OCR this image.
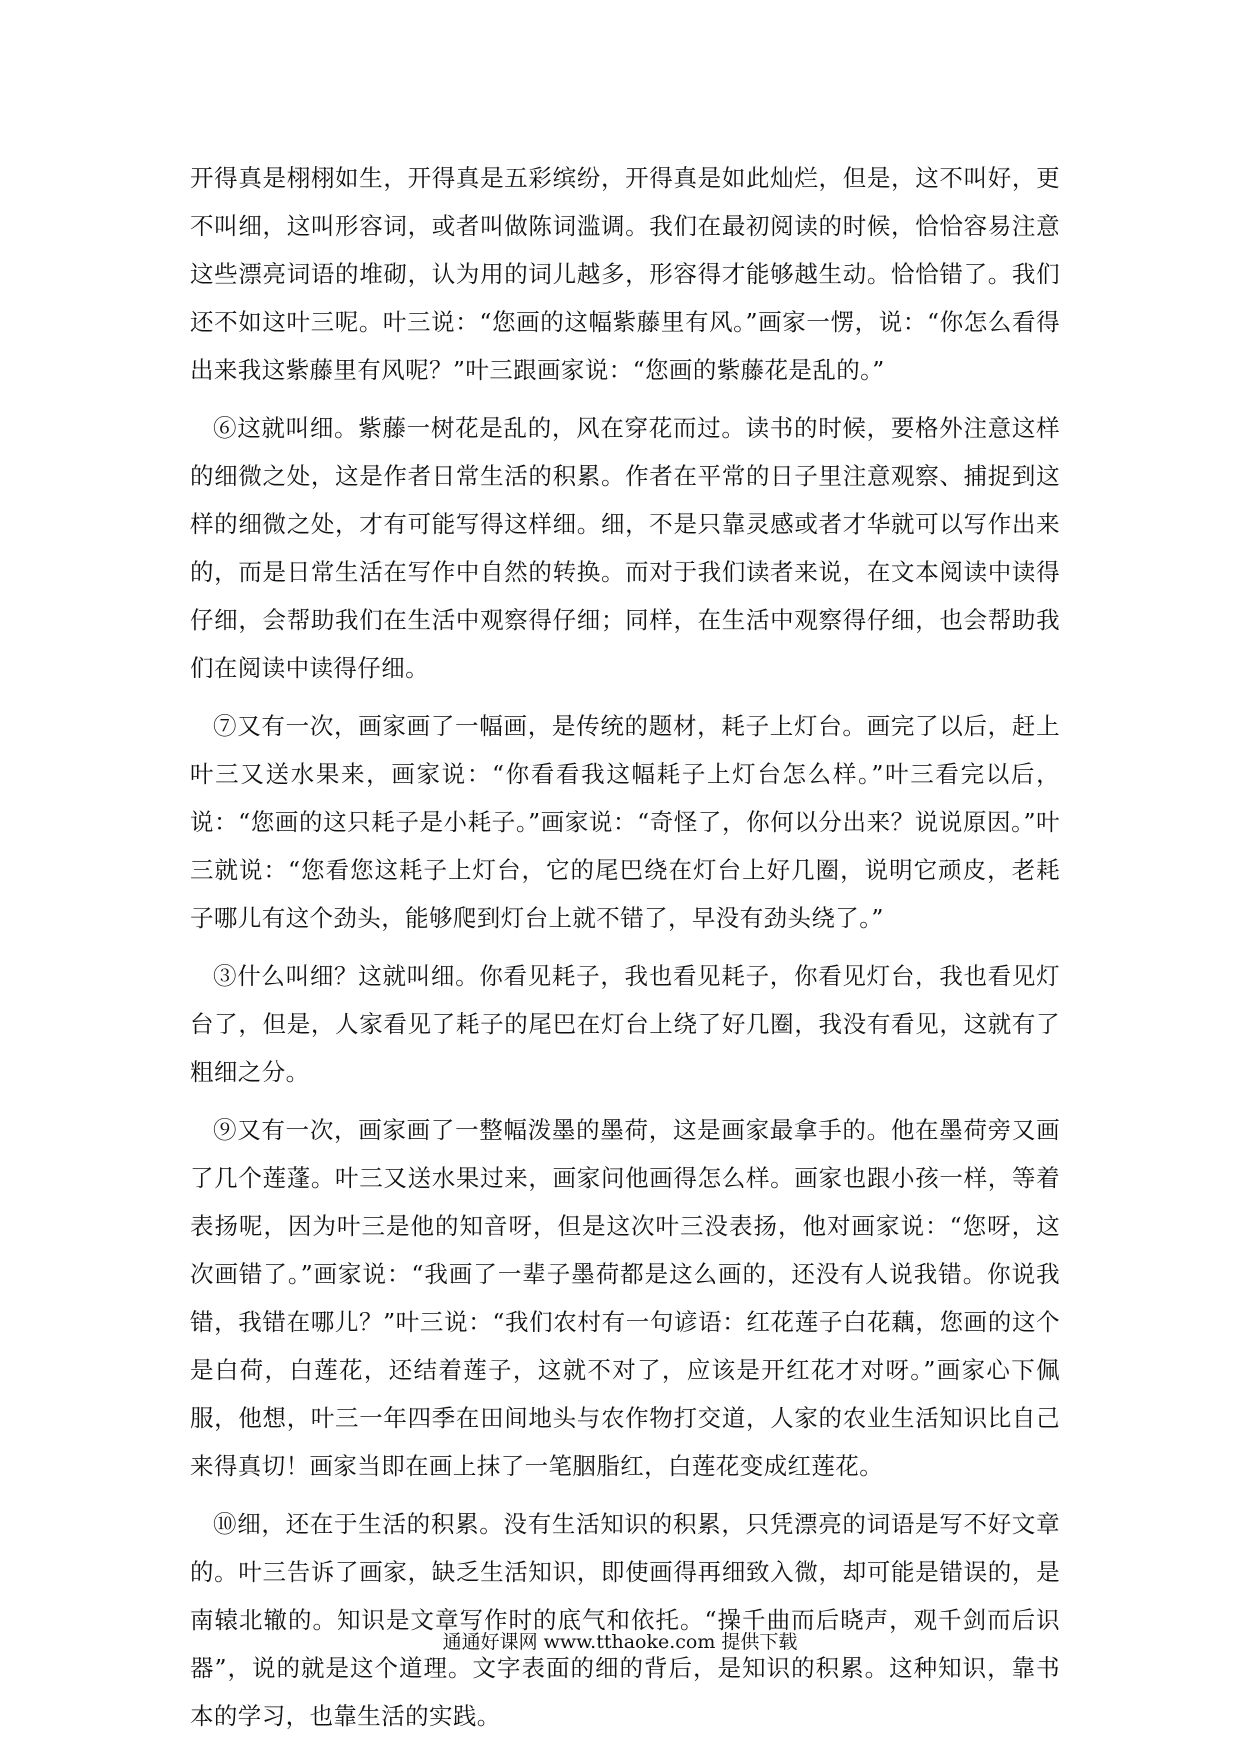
开得真是栩栩如生，开得真是五彩缤纷，开得真是如此灿烂，但是，这不叫好，更不叫细，这叫形容词，或者叫做陈词滥调。我们在最初阅读的时候，恰恰容易注意这些漂亮词语的堆砌，认为用的词儿越多，形容得才能够越生动。恰恰错了。我们还不如这叶三呢。叶三说：“您画的这幅紫藤里有风。”画家一愣，说：“你怎么看得出来我这紫藤里有风呢？”叶三跟画家说：“您画的紫藤花是乱的。”

⑥这就叫细。紫藤一树花是乱的，风在穿花而过。读书的时候，要格外注意这样的细微之处，这是作者日常生活的积累。作者在平常的日子里注意观察、捕捉到这样的细微之处，才有可能写得这样细。细，不是只靠灵感或者才华就可以写作出来的，而是日常生活在写作中自然的转换。而对于我们读者来说，在文本阅读中读得仔细，会帮助我们在生活中观察得仔细；同样，在生活中观察得仔细，也会帮助我们在阅读中读得仔细。

⑦又有一次，画家画了一幅画，是传统的题材，耗子上灯台。画完了以后，赶上叶三又送水果来，画家说：“你看看我这幅耗子上灯台怎么样。”叶三看完以后，说：“您画的这只耗子是小耗子。”画家说：“奇怪了，你何以分出来？说说原因。”叶三就说：“您看您这耗子上灯台，它的尾巴绕在灯台上好几圈，说明它顽皮，老耗子哪儿有这个劲头，能够爬到灯台上就不错了，早没有劲头绕了。”

③什么叫细？这就叫细。你看见耗子，我也看见耗子，你看见灯台，我也看见灯台了，但是，人家看见了耗子的尾巴在灯台上绕了好几圈，我没有看见，这就有了粗细之分。

⑨又有一次，画家画了一整幅泼墨的墨荷，这是画家最拿手的。他在墨荷旁又画了几个莲蓬。叶三又送水果过来，画家问他画得怎么样。画家也跟小孩一样，等着表扬呢，因为叶三是他的知音呀，但是这次叶三没表扬，他对画家说：“您呀，这次画错了。”画家说：“我画了一辈子墨荷都是这么画的，还没有人说我错。你说我错，我错在哪儿？”叶三说：“我们农村有一句谚语：红花莲子白花藕，您画的这个是白荷，白莲花，还结着莲子，这就不对了，应该是开红花才对呀。”画家心下佩服，他想，叶三一年四季在田间地头与农作物打交道，人家的农业生活知识比自己来得真切！画家当即在画上抹了一笔胭脂红，白莲花变成红莲花。

⑩细，还在于生活的积累。没有生活知识的积累，只凭漂亮的词语是写不好文章的。叶三告诉了画家，缺乏生活知识，即使画得再细致入微，却可能是错误的，是南辕北辙的。知识是文章写作时的底气和依托。“操千曲而后晓声，观千剑而后识器”，说的就是这个道理。文字表面的细的背后，是知识的积累。这种知识，靠书本的学习，也靠生活的实践。

通通好课网 www.tthaoke.com 提供下载
